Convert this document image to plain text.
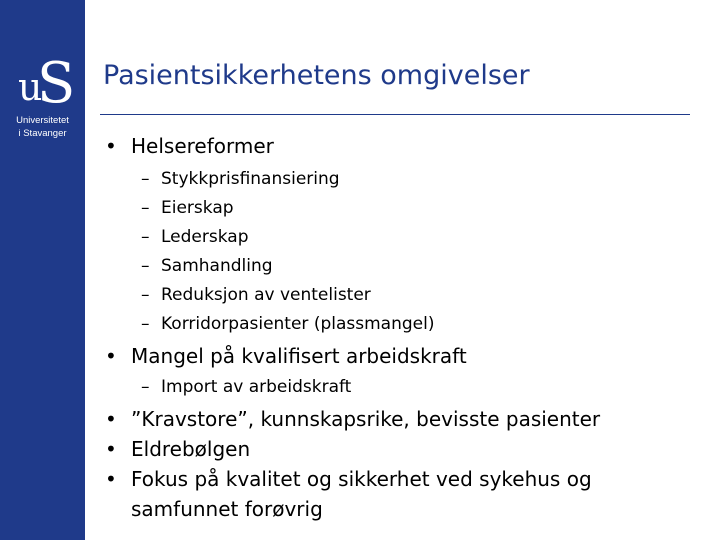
u
S
Universitetet
i Stavanger
Pasientsikkerhetens omgivelser
• Helsereformer
– Stykkprisfinansiering
– Eierskap
– Lederskap
– Samhandling
– Reduksjon av ventelister
– Korridorpasienter (plassmangel)
• Mangel på kvalifisert arbeidskraft
– Import av arbeidskraft
• ”Kravstore”, kunnskapsrike, bevisste pasienter
• Eldrebølgen
• Fokus på kvalitet og sikkerhet ved sykehus og samfunnet forøvrig
